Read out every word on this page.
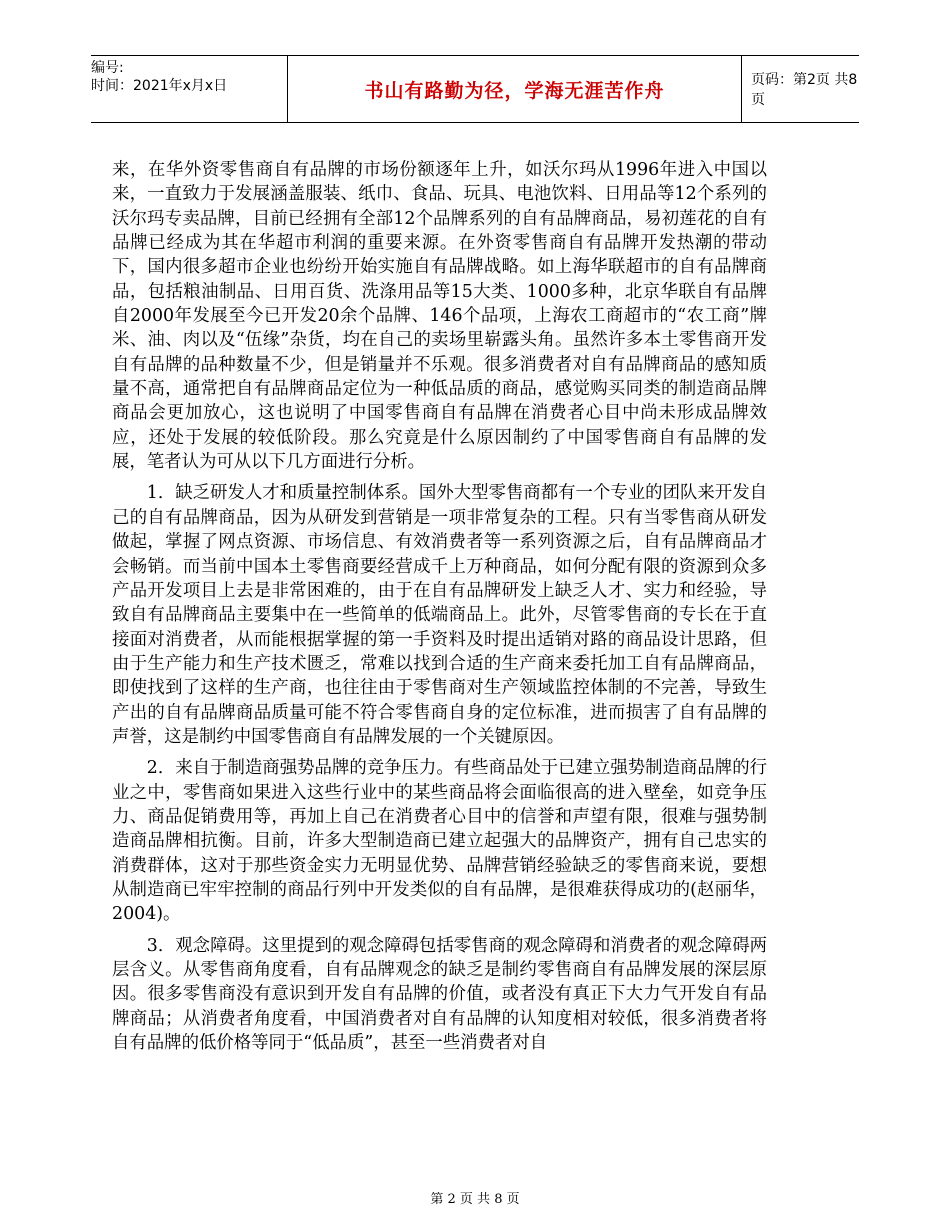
编号:
时间：2021年x月x日	书山有路勤为径，学海无涯苦作舟	页码：第2页 共8页

来，在华外资零售商自有品牌的市场份额逐年上升，如沃尔玛从1996年进入中国以来，一直致力于发展涵盖服装、纸巾、食品、玩具、电池饮料、日用品等12个系列的沃尔玛专卖品牌，目前已经拥有全部12个品牌系列的自有品牌商品，易初莲花的自有品牌已经成为其在华超市利润的重要来源。在外资零售商自有品牌开发热潮的带动下，国内很多超市企业也纷纷开始实施自有品牌战略。如上海华联超市的自有品牌商品，包括粮油制品、日用百货、洗涤用品等15大类、1000多种，北京华联自有品牌自2000年发展至今已开发20余个品牌、146个品项，上海农工商超市的“农工商”牌米、油、肉以及“伍缘”杂货，均在自己的卖场里崭露头角。虽然许多本土零售商开发自有品牌的品种数量不少，但是销量并不乐观。很多消费者对自有品牌商品的感知质量不高，通常把自有品牌商品定位为一种低品质的商品，感觉购买同类的制造商品牌商品会更加放心，这也说明了中国零售商自有品牌在消费者心目中尚未形成品牌效应，还处于发展的较低阶段。那么究竟是什么原因制约了中国零售商自有品牌的发展，笔者认为可从以下几方面进行分析。

1．缺乏研发人才和质量控制体系。国外大型零售商都有一个专业的团队来开发自己的自有品牌商品，因为从研发到营销是一项非常复杂的工程。只有当零售商从研发做起，掌握了网点资源、市场信息、有效消费者等一系列资源之后，自有品牌商品才会畅销。而当前中国本土零售商要经营成千上万种商品，如何分配有限的资源到众多产品开发项目上去是非常困难的，由于在自有品牌研发上缺乏人才、实力和经验，导致自有品牌商品主要集中在一些简单的低端商品上。此外，尽管零售商的专长在于直接面对消费者，从而能根据掌握的第一手资料及时提出适销对路的商品设计思路，但由于生产能力和生产技术匮乏，常难以找到合适的生产商来委托加工自有品牌商品，即使找到了这样的生产商，也往往由于零售商对生产领域监控体制的不完善，导致生产出的自有品牌商品质量可能不符合零售商自身的定位标准，进而损害了自有品牌的声誉，这是制约中国零售商自有品牌发展的一个关键原因。

2．来自于制造商强势品牌的竞争压力。有些商品处于已建立强势制造商品牌的行业之中，零售商如果进入这些行业中的某些商品将会面临很高的进入壁垒，如竞争压力、商品促销费用等，再加上自己在消费者心目中的信誉和声望有限，很难与强势制造商品牌相抗衡。目前，许多大型制造商已建立起强大的品牌资产，拥有自己忠实的消费群体，这对于那些资金实力无明显优势、品牌营销经验缺乏的零售商来说，要想从制造商已牢牢控制的商品行列中开发类似的自有品牌，是很难获得成功的(赵丽华，2004)。

3．观念障碍。这里提到的观念障碍包括零售商的观念障碍和消费者的观念障碍两层含义。从零售商角度看，自有品牌观念的缺乏是制约零售商自有品牌发展的深层原因。很多零售商没有意识到开发自有品牌的价值，或者没有真正下大力气开发自有品牌商品；从消费者角度看，中国消费者对自有品牌的认知度相对较低，很多消费者将自有品牌的低价格等同于“低品质”，甚至一些消费者对自

第 2 页 共 8 页
